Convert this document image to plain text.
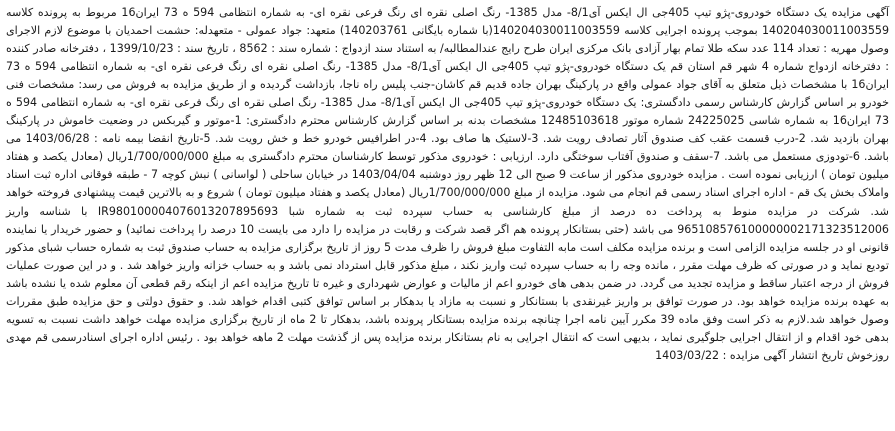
آگهی مزایده یک دستگاه خودروی-پژو تیپ 405جی ال ایکس آی8/1- مدل 1385- رنگ اصلی نقره ای رنگ فرعی نقره ای- به شماره انتظامی 594 ه 73 ایران16 مربوط به پرونده کلاسه 140204030011003559 بموجب پرونده اجرایی کلاسه 140204030011003559(با شماره بایگانی 140203761) متعهد: جواد عمولی - متعهدله: حشمت احمدیان با موضوع لازم الاجرای وصول مهریه : تعداد 114 عدد سکه طلا تمام بهار آزادی بانک مرکزی ایران طرح رایج عندالمطالبه/ به استناد سند ازدواج : شماره سند : 8562 ، تاریخ سند : 1399/10/23 ، دفترخانه صادر کننده : دفترخانه ازدواج شماره 4 شهر قم استان قم یک دستگاه خودروی-پژو تیپ 405جی ال ایکس آی8/1- مدل 1385- رنگ اصلی نقره ای رنگ فرعی نقره ای- به شماره انتظامی 594 ه 73 ایران16 با مشخصات ذیل متعلق به آقای جواد عمولی واقع در پارکینگ بهران جاده قدیم قم کاشان-جنب پلیس راه ناجا، بازداشت گردیده و از طریق مزایده به فروش می رسد: مشخصات فنی خودرو بر اساس گزارش کارشناس رسمی دادگستری: یک دستگاه خودروی-پژو تیپ 405جی ال ایکس آی8/1- مدل 1385- رنگ اصلی نقره ای رنگ فرعی نقره ای- به شماره انتظامی 594 ه 73 ایران16 به شماره شاسی 24225025 شماره موتور 12485103618 مشخصات بدنه بر اساس گزارش کارشناس محترم دادگستری: 1-موتور و گیربکس در وضعیت خاموش در پارکینگ بهران بازدید شد. 2-درب قسمت عقب کف صندوق آثار تصادف رویت شد. 3-لاستیک ها صاف بود. 4-در اطرافیس خودرو خط و خش رویت شد. 5-تاریخ انقضا بیمه نامه : 1403/06/28 می باشد. 6-تودوزی مستعمل می باشد. 7-سقف و صندوق آفتاب سوختگی دارد. ارزیابی : خودروی مذکور توسط کارشناسان محترم دادگستری به مبلغ 1/700/000/000ریال (معادل یکصد و هفتاد میلیون تومان ) ارزیابی نموده است . مزایده خودروی مذکور از ساعت 9 صبح الی 12 ظهر روز دوشنبه 1403/04/04 در خیابان ساحلی ( لواسانی ) نبش کوچه 7 - طبقه فوقانی اداره ثبت اسناد واملاک بخش یک قم - اداره اجرای اسناد رسمی قم انجام می شود. مزایده از مبلغ 1/700/000/000ریال (معادل یکصد و هفتاد میلیون تومان ) شروع و به بالاترین قیمت پیشنهادی فروخته خواهد شد. شرکت در مزایده منوط به پرداخت ده درصد از مبلغ کارشناسی به حساب سپرده ثبت به شماره شبا IR980100004076013207895693 با شناسه واریز 965108576100000002171323512006 می باشد (حتی بستانکار پرونده هم اگر قصد شرکت و رقابت در مزایده را دارد می بایست 10 درصد را پرداخت نمائید) و حضور خریدار یا نماینده قانونی او در جلسه مزایده الزامی است و برنده مزایده مکلف است مابه التفاوت مبلغ فروش را ظرف مدت 5 روز از تاریخ برگزاری مزایده به حساب صندوق ثبت به شماره حساب شبای مذکور تودیع نماید و در صورتی که ظرف مهلت مقرر ، مانده وجه را به حساب سپرده ثبت واریز نکند ، مبلغ مذکور قابل استرداد نمی باشد و به حساب خزانه واریز خواهد شد . و در این صورت عملیات فروش از درجه اعتبار ساقط و مزایده تجدید می گردد. در ضمن بدهی های خودرو اعم از مالیات و عوارض شهرداری و غیره تا تاریخ مزایده اعم از اینکه رقم قطعی آن معلوم شده یا نشده باشد به عهده برنده مزایده خواهد بود. در صورت توافق بر واریز غیرنقدی با بستانکار و نسبت به مازاد یا بدهکار بر اساس توافق کتبی اقدام خواهد شد. و حقوق دولتی و حق مزایده طبق مقررات وصول خواهد شد.لازم به ذکر است وفق ماده 39 مکرر آیین نامه اجرا چنانچه برنده مزایده بستانکار پرونده باشد، بدهکار تا 2 ماه از تاریخ برگزاری مزایده مهلت خواهد داشت نسبت به تسویه بدهی خود اقدام و از انتقال اجرایی جلوگیری نماید ، بدیهی است که انتقال اجرایی به نام بستانکار برنده مزایده پس از گذشت مهلت 2 ماهه خواهد بود . رئیس اداره اجرای اسنادرسمی قم مهدی روزخوش تاریخ انتشار آگهی مزایده : 1403/03/22
